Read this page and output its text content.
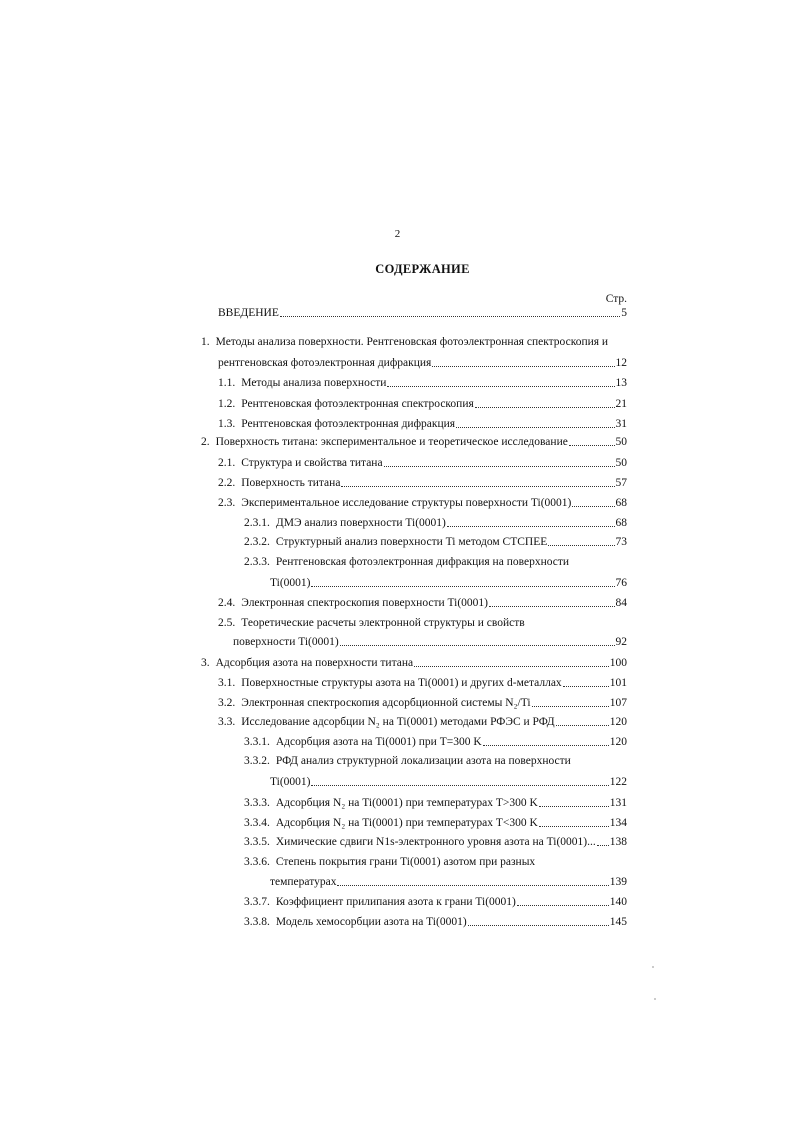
2
СОДЕРЖАНИЕ
Стр.
ВВЕДЕНИЕ	5
1. Методы анализа поверхности. Рентгеновская фотоэлектронная спектроскопия и
рентгеновская фотоэлектронная дифракция	12
1.1. Методы анализа поверхности	13
1.2. Рентгеновская фотоэлектронная спектроскопия	21
1.3. Рентгеновская фотоэлектронная дифракция	31
2. Поверхность титана: экспериментальное и теоретическое исследование	50
2.1. Структура и свойства титана	50
2.2. Поверхность титана	57
2.3. Экспериментальное исследование структуры поверхности Ti(0001)	68
2.3.1. ДМЭ анализ поверхности Ti(0001)	68
2.3.2. Структурный анализ поверхности Ti методом СТСПЕЕ	73
2.3.3. Рентгеновская фотоэлектронная дифракция на поверхности
Ti(0001)	76
2.4. Электронная спектроскопия поверхности Ti(0001)	84
2.5. Теоретические расчеты электронной структуры и свойств
поверхности Ti(0001)	92
3. Адсорбция азота на поверхности титана	100
3.1. Поверхностные структуры азота на Ti(0001) и других d-металлах	101
3.2. Электронная спектроскопия адсорбционной системы N₂/Ti	107
3.3. Исследование адсорбции N₂ на Ti(0001) методами РФЭС и РФД	120
3.3.1. Адсорбция азота на Ti(0001) при T=300 K	120
3.3.2. РФД анализ структурной локализации азота на поверхности
Ti(0001)	122
3.3.3. Адсорбция N₂ на Ti(0001) при температурах T>300 K	131
3.3.4. Адсорбция N₂ на Ti(0001) при температурах T<300 K	134
3.3.5. Химические сдвиги N1s-электронного уровня азота на Ti(0001)... 138
3.3.6. Степень покрытия грани Ti(0001) азотом при разных
температурах	139
3.3.7. Коэффициент прилипания азота к грани Ti(0001)	140
3.3.8. Модель хемосорбции азота на Ti(0001)	145
